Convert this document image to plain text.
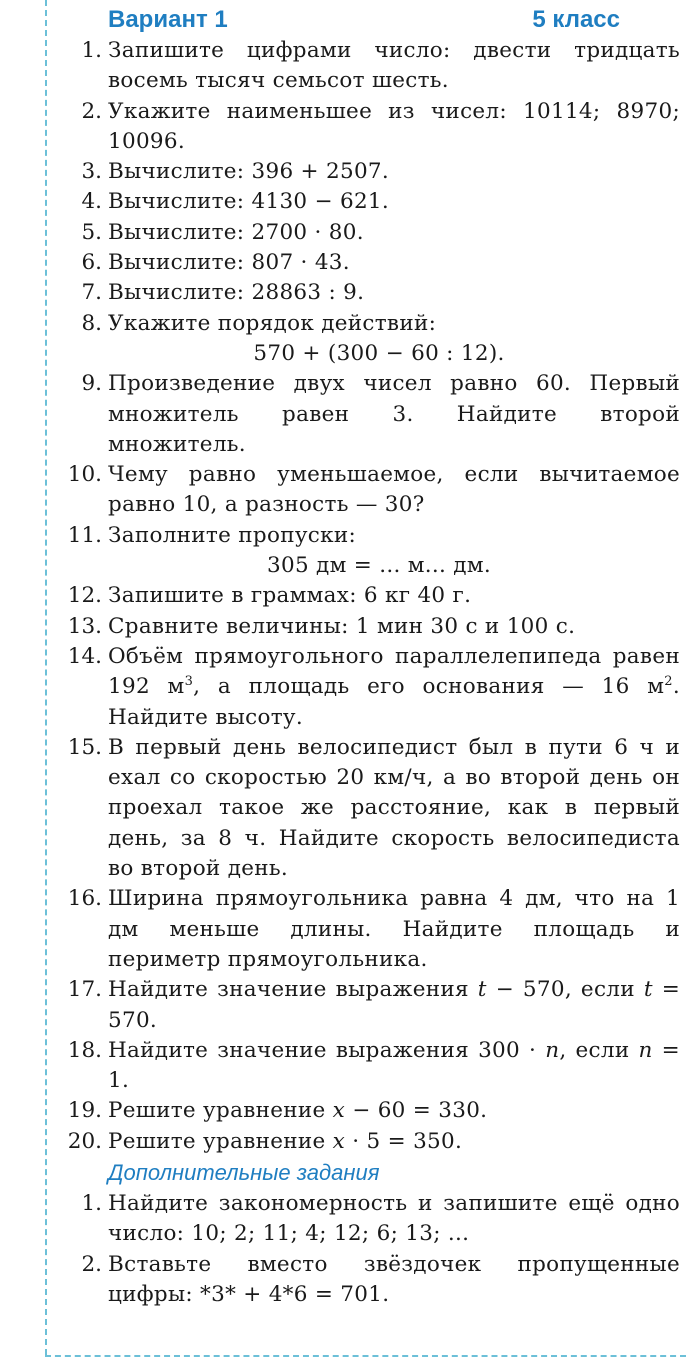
Вариант 1	5 класс
1. Запишите цифрами число: двести тридцать восемь тысяч семьсот шесть.
2. Укажите наименьшее из чисел: 10114; 8970; 10096.
3. Вычислите: 396 + 2507.
4. Вычислите: 4130 − 621.
5. Вычислите: 2700 · 80.
6. Вычислите: 807 · 43.
7. Вычислите: 28863 : 9.
8. Укажите порядок действий:
570 + (300 − 60 : 12).
9. Произведение двух чисел равно 60. Первый множитель равен 3. Найдите второй множитель.
10. Чему равно уменьшаемое, если вычитаемое равно 10, а разность — 30?
11. Заполните пропуски:
305 дм = ... м... дм.
12. Запишите в граммах: 6 кг 40 г.
13. Сравните величины: 1 мин 30 с и 100 с.
14. Объём прямоугольного параллелепипеда равен 192 $м^3$, а площадь его основания — 16 $м^2$. Найдите высоту.
15. В первый день велосипедист был в пути 6 ч и ехал со скоростью 20 км/ч, а во второй день он проехал такое же расстояние, как в первый день, за 8 ч. Найдите скорость велосипедиста во второй день.
16. Ширина прямоугольника равна 4 дм, что на 1 дм меньше длины. Найдите площадь и периметр прямоугольника.
17. Найдите значение выражения t − 570, если t = 570.
18. Найдите значение выражения 300 · n, если n = 1.
19. Решите уравнение x − 60 = 330.
20. Решите уравнение x · 5 = 350.
Дополнительные задания
1. Найдите закономерность и запишите ещё одно число: 10; 2; 11; 4; 12; 6; 13; ...
2. Вставьте вместо звёздочек пропущенные цифры: *3* + 4*6 = 701.
